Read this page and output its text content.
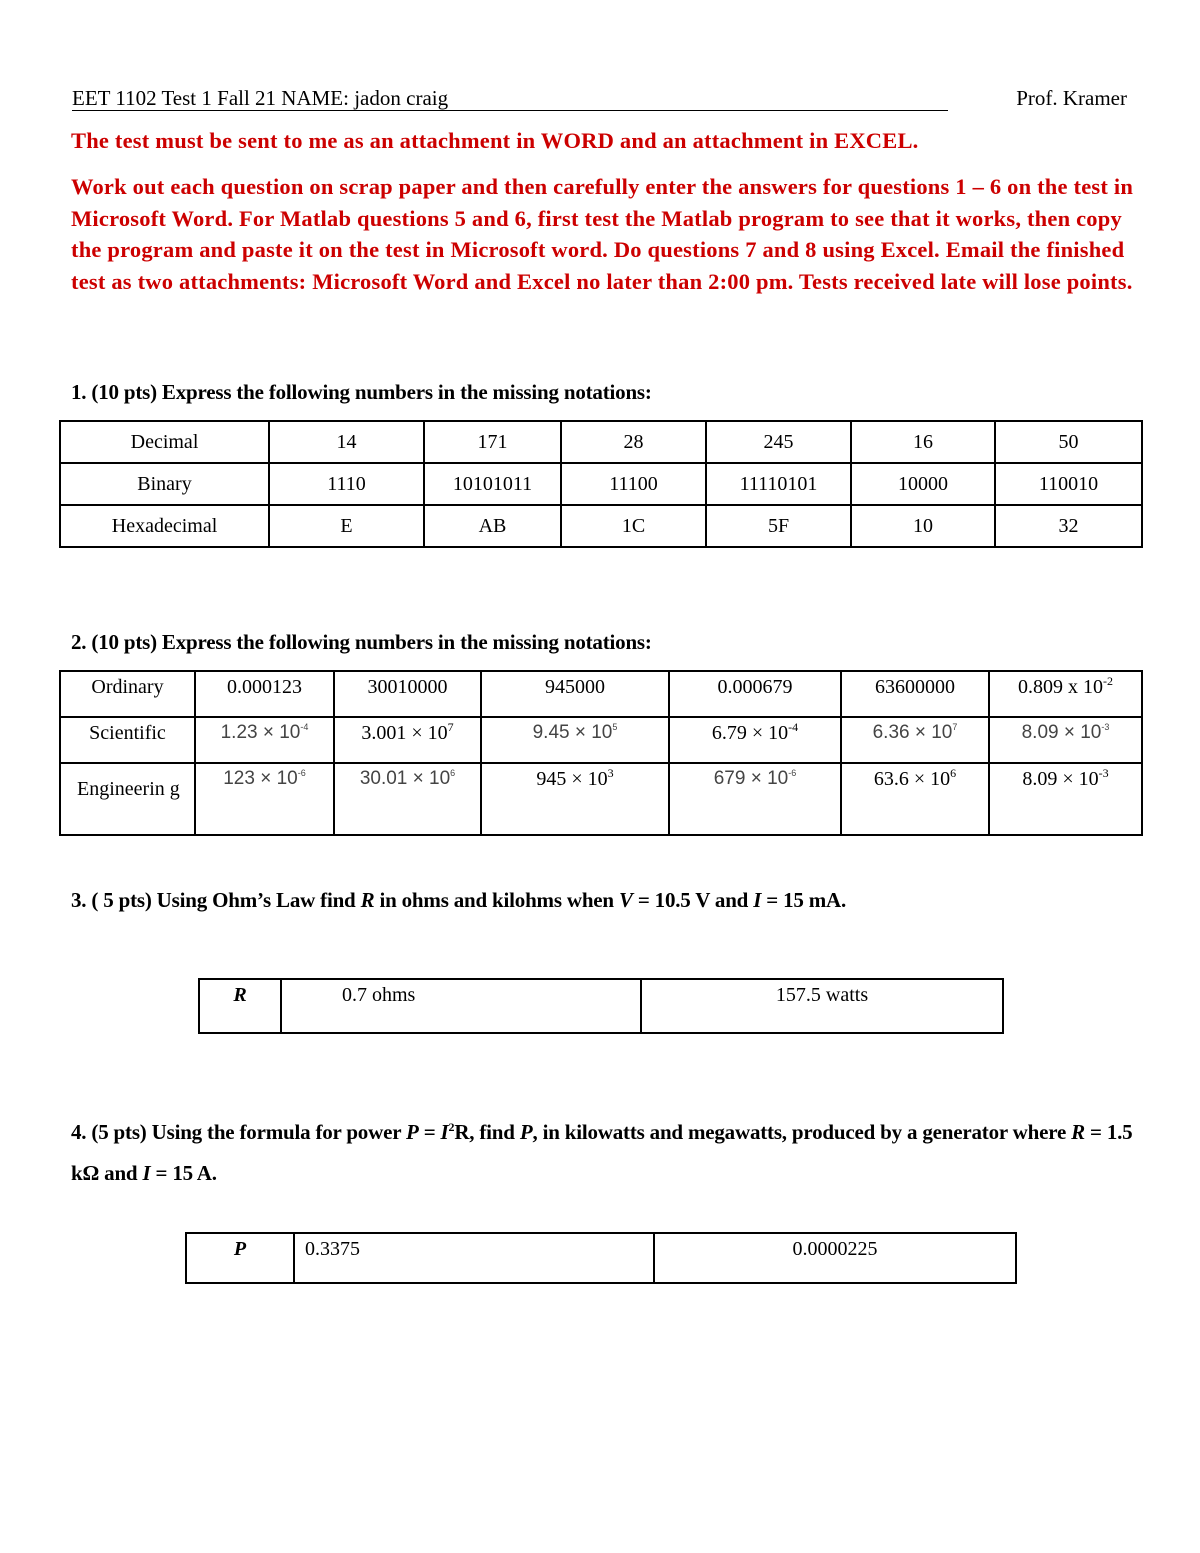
EET 1102 Test 1 Fall 21 NAME: jadon craig	Prof. Kramer
The test must be sent to me as an attachment in WORD and an attachment in EXCEL.
Work out each question on scrap paper and then carefully enter the answers for questions 1 – 6 on the test in Microsoft Word. For Matlab questions 5 and 6, first test the Matlab program to see that it works, then copy the program and paste it on the test in Microsoft word. Do questions 7 and 8 using Excel. Email the finished test as two attachments: Microsoft Word and Excel no later than 2:00 pm. Tests received late will lose points.
1. (10 pts) Express the following numbers in the missing notations:
Decimal	14	171	28	245	16	50
Binary	1110	10101011	11100	11110101	10000	110010
Hexadecimal	E	AB	1C	5F	10	32
2. (10 pts) Express the following numbers in the missing notations:
Ordinary	0.000123	30010000	945000	0.000679	63600000	0.809 x $10^{-2}$
Scientific	$1.23 \times 10^{-4}$	$3.001 \times 10^7$	$9.45 \times 10^5$	$6.79 \times 10^{-4}$	$6.36 \times 10^7$	$8.09 \times 10^{-3}$
Engineerin g	$123 \times 10^{-6}$	$30.01 \times 10^6$	$945 \times 10^3$	$679 \times 10^{-6}$	$63.6 \times 10^6$	$8.09 \times 10^{-3}$
3. ( 5 pts) Using Ohm’s Law find R in ohms and kilohms when V = 10.5 V and I = 15 mA.
R	0.7 ohms	157.5 watts
4. (5 pts) Using the formula for power $P = I^2R$, find P, in kilowatts and megawatts, produced by a generator where R = 1.5 kΩ and I = 15 A.
P	0.3375	0.0000225
